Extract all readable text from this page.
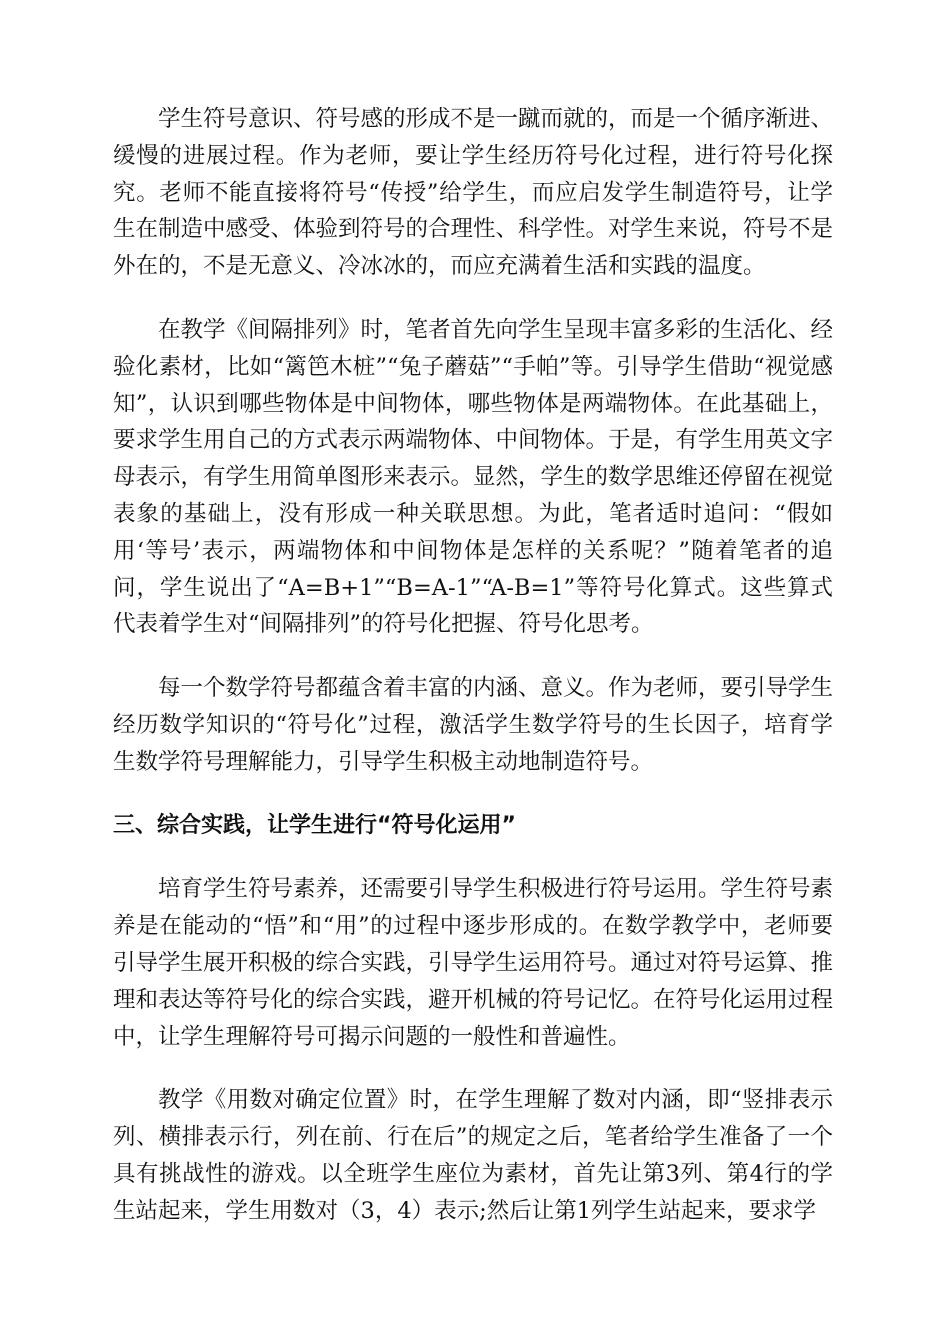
学生符号意识、符号感的形成不是一蹴而就的，而是一个循序渐进、缓慢的进展过程。作为老师，要让学生经历符号化过程，进行符号化探究。老师不能直接将符号“传授”给学生，而应启发学生制造符号，让学生在制造中感受、体验到符号的合理性、科学性。对学生来说，符号不是外在的，不是无意义、冷冰冰的，而应充满着生活和实践的温度。

在教学《间隔排列》时，笔者首先向学生呈现丰富多彩的生活化、经验化素材，比如“篱笆木桩”“兔子蘑菇”“手帕”等。引导学生借助“视觉感知”，认识到哪些物体是中间物体，哪些物体是两端物体。在此基础上，要求学生用自己的方式表示两端物体、中间物体。于是，有学生用英文字母表示，有学生用简单图形来表示。显然，学生的数学思维还停留在视觉表象的基础上，没有形成一种关联思想。为此，笔者适时追问：“假如用‘等号’表示，两端物体和中间物体是怎样的关系呢？”随着笔者的追问，学生说出了“A=B+1”“B=A-1”“A-B=1”等符号化算式。这些算式代表着学生对“间隔排列”的符号化把握、符号化思考。

每一个数学符号都蕴含着丰富的内涵、意义。作为老师，要引导学生经历数学知识的“符号化”过程，激活学生数学符号的生长因子，培育学生数学符号理解能力，引导学生积极主动地制造符号。

三、综合实践，让学生进行“符号化运用”

培育学生符号素养，还需要引导学生积极进行符号运用。学生符号素养是在能动的“悟”和“用”的过程中逐步形成的。在数学教学中，老师要引导学生展开积极的综合实践，引导学生运用符号。通过对符号运算、推理和表达等符号化的综合实践，避开机械的符号记忆。在符号化运用过程中，让学生理解符号可揭示问题的一般性和普遍性。

教学《用数对确定位置》时，在学生理解了数对内涵，即“竖排表示列、横排表示行，列在前、行在后”的规定之后，笔者给学生准备了一个具有挑战性的游戏。以全班学生座位为素材，首先让第3列、第4行的学生站起来，学生用数对（3，4）表示;然后让第1列学生站起来，要求学
